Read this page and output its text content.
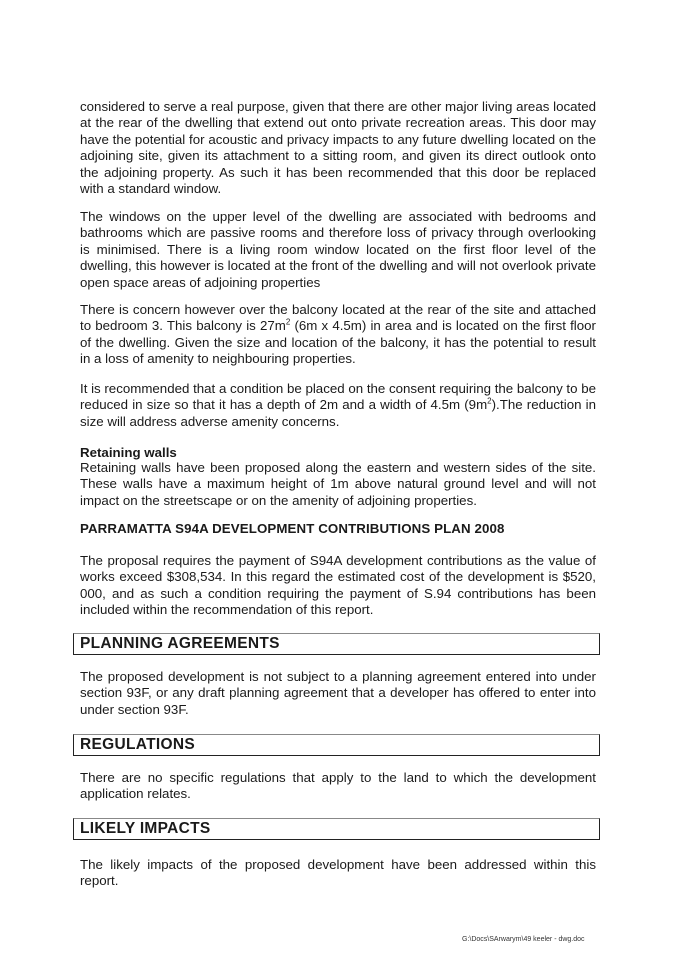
considered to serve a real purpose, given that there are other major living areas located at the rear of the dwelling that extend out onto private recreation areas. This door may have the potential for acoustic and privacy impacts to any future dwelling located on the adjoining site, given its attachment to a sitting room, and given its direct outlook onto the adjoining property. As such it has been recommended that this door be replaced with a standard window.

The windows on the upper level of the dwelling are associated with bedrooms and bathrooms which are passive rooms and therefore loss of privacy through overlooking is minimised. There is a living room window located on the first floor level of the dwelling, this however is located at the front of the dwelling and will not overlook private open space areas of adjoining properties

There is concern however over the balcony located at the rear of the site and attached to bedroom 3. This balcony is $27m^2$ (6m x 4.5m) in area and is located on the first floor of the dwelling. Given the size and location of the balcony, it has the potential to result in a loss of amenity to neighbouring properties.

It is recommended that a condition be placed on the consent requiring the balcony to be reduced in size so that it has a depth of 2m and a width of 4.5m $(9m^2).The$ reduction in size will address adverse amenity concerns.

Retaining walls

Retaining walls have been proposed along the eastern and western sides of the site. These walls have a maximum height of 1m above natural ground level and will not impact on the streetscape or on the amenity of adjoining properties.

PARRAMATTA S94A DEVELOPMENT CONTRIBUTIONS PLAN 2008

The proposal requires the payment of S94A development contributions as the value of works exceed $308,534. In this regard the estimated cost of the development is $520, 000, and as such a condition requiring the payment of S.94 contributions has been included within the recommendation of this report.

PLANNING AGREEMENTS

The proposed development is not subject to a planning agreement entered into under section 93F, or any draft planning agreement that a developer has offered to enter into under section 93F.

REGULATIONS

There are no specific regulations that apply to the land to which the development application relates.

LIKELY IMPACTS

The likely impacts of the proposed development have been addressed within this report.

G:\Docs\SArwarym\49 keeler - dwg.doc
